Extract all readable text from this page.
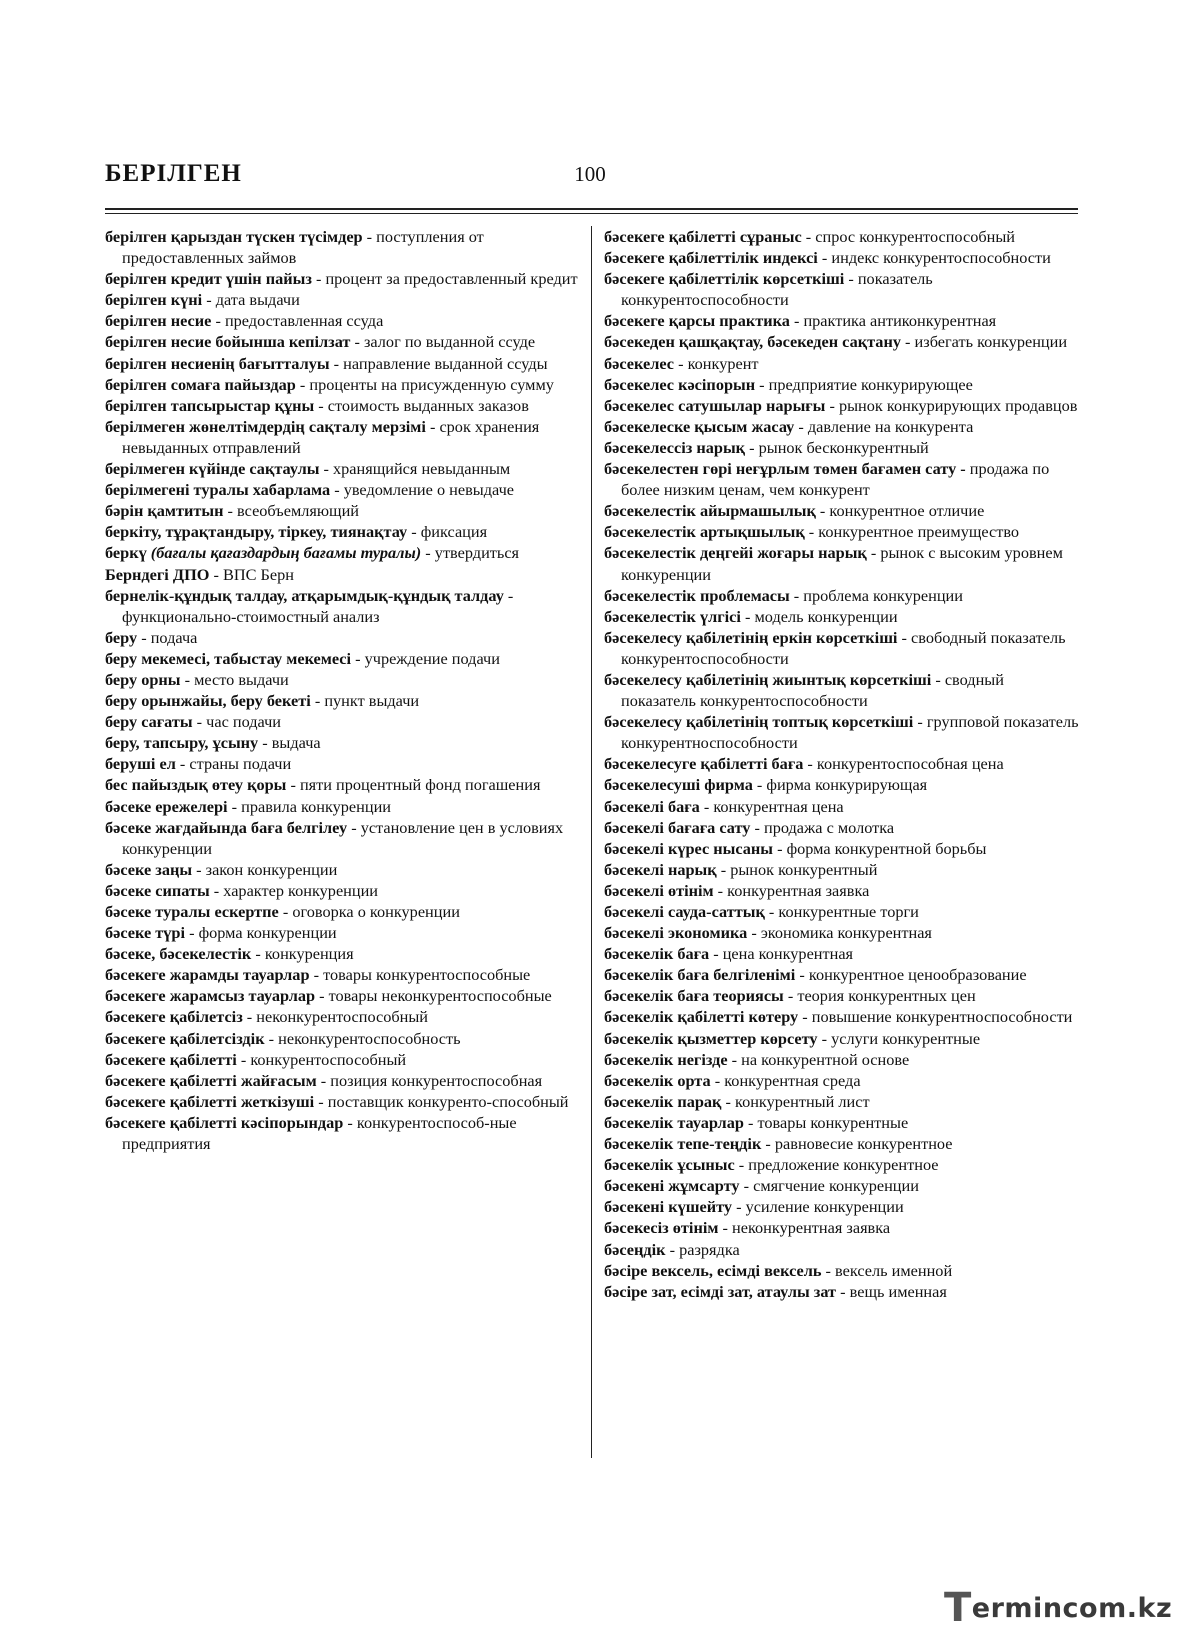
БЕРІЛГЕН	100
берілген қарыздан түскен түсімдер - поступления от предоставленных займов
берілген кредит үшін пайыз - процент за предоставленный кредит
берілген күні - дата выдачи
берілген несие - предоставленная ссуда
берілген несие бойынша кепілзат - залог по выданной ссуде
берілген несиенің бағытталуы - направление выданной ссуды
берілген сомаға пайыздар - проценты на присужденную сумму
берілген тапсырыстар құны - стоимость выданных заказов
берілмеген жөнелтімдердің сақталу мерзімі - срок хранения невыданных отправлений
берілмеген күйінде сақтаулы - хранящийся невыданным
берілмегені туралы хабарлама - уведомление о невыдаче
бәрін қамтитын - всеобъемляющий
беркіту, тұрақтандыру, тіркеу, тиянақтау - фиксация
беркү (бағалы қағаздардың бағамы туралы) - утвердиться
Берндегі ДПО - ВПС Берн
бернелік-құндық талдау, атқарымдық-құндық талдау - функционально-стоимостный анализ
беру - подача
беру мекемесі, табыстау мекемесі - учреждение подачи
беру орны - место выдачи
беру орынжайы, беру бекеті - пункт выдачи
беру сағаты - час подачи
беру, тапсыру, ұсыну - выдача
беруші ел - страны подачи
бес пайыздық өтеу қоры - пяти процентный фонд погашения
бәсеке ережелері - правила конкуренции
бәсеке жағдайында баға белгілеу - установление цен в условиях конкуренции
бәсеке заңы - закон конкуренции
бәсеке сипаты - характер конкуренции
бәсеке туралы ескертпе - оговорка о конкуренции
бәсеке түрі - форма конкуренции
бәсеке, бәсекелестік - конкуренция
бәсекеге жарамды тауарлар - товары конкурентоспособные
бәсекеге жарамсыз тауарлар - товары неконкурентоспособные
бәсекеге қабілетсіз - неконкурентоспособный
бәсекеге қабілетсіздік - неконкурентоспособность
бәсекеге қабілетті - конкурентоспособный
бәсекеге қабілетті жайғасым - позиция конкурентоспособная
бәсекеге қабілетті жеткізуші - поставщик конкуренто-способный
бәсекеге қабілетті кәсіпорындар - конкурентоспособ-ные предприятия
бәсекеге қабілетті сұраныс - спрос конкурентоспособный
бәсекеге қабілеттілік индексі - индекс конкурентоспособности
бәсекеге қабілеттілік көрсеткіші - показатель конкурентоспособности
бәсекеге қарсы практика - практика антиконкурентная
бәсекеден қашқақтау, бәсекеден сақтану - избегать конкуренции
бәсекелес - конкурент
бәсекелес кәсіпорын - предприятие конкурирующее
бәсекелес сатушылар нарығы - рынок конкурирующих продавцов
бәсекелеске қысым жасау - давление на конкурента
бәсекелессіз нарық - рынок бесконкурентный
бәсекелестен гөрі неғұрлым төмен бағамен сату - продажа по более низким ценам, чем конкурент
бәсекелестік айырмашылық - конкурентное отличие
бәсекелестік артықшылық - конкурентное преимущество
бәсекелестік деңгейі жоғары нарық - рынок с высоким уровнем конкуренции
бәсекелестік проблемасы - проблема конкуренции
бәсекелестік үлгісі - модель конкуренции
бәсекелесу қабілетінің еркін көрсеткіші - свободный показатель конкурентоспособности
бәсекелесу қабілетінің жиынтық көрсеткіші - сводный показатель конкурентоспособности
бәсекелесу қабілетінің топтық көрсеткіші - групповой показатель конкурентноспособности
бәсекелесуге қабілетті баға - конкурентоспособная цена
бәсекелесуші фирма - фирма конкурирующая
бәсекелі баға - конкурентная цена
бәсекелі бағаға сату - продажа с молотка
бәсекелі күрес нысаны - форма конкурентной борьбы
бәсекелі нарық - рынок конкурентный
бәсекелі өтінім - конкурентная заявка
бәсекелі сауда-саттық - конкурентные торги
бәсекелі экономика - экономика конкурентная
бәсекелік баға - цена конкурентная
бәсекелік баға белгіленімі - конкурентное ценообразование
бәсекелік баға теориясы - теория конкурентных цен
бәсекелік қабілетті көтеру - повышение конкурентноспособности
бәсекелік қызметтер көрсету - услуги конкурентные
бәсекелік негізде - на конкурентной основе
бәсекелік орта - конкурентная среда
бәсекелік парақ - конкурентный лист
бәсекелік тауарлар - товары конкурентные
бәсекелік тепе-теңдік - равновесие конкурентное
бәсекелік ұсыныс - предложение конкурентное
бәсекені жұмсарту - смягчение конкуренции
бәсекені күшейту - усиление конкуренции
бәсекесіз өтінім - неконкурентная заявка
бәсеңдік - разрядка
бәсіре вексель, есімді вексель - вексель именной
бәсіре зат, есімді зат, атаулы зат - вещь именная
Termincom.kz
